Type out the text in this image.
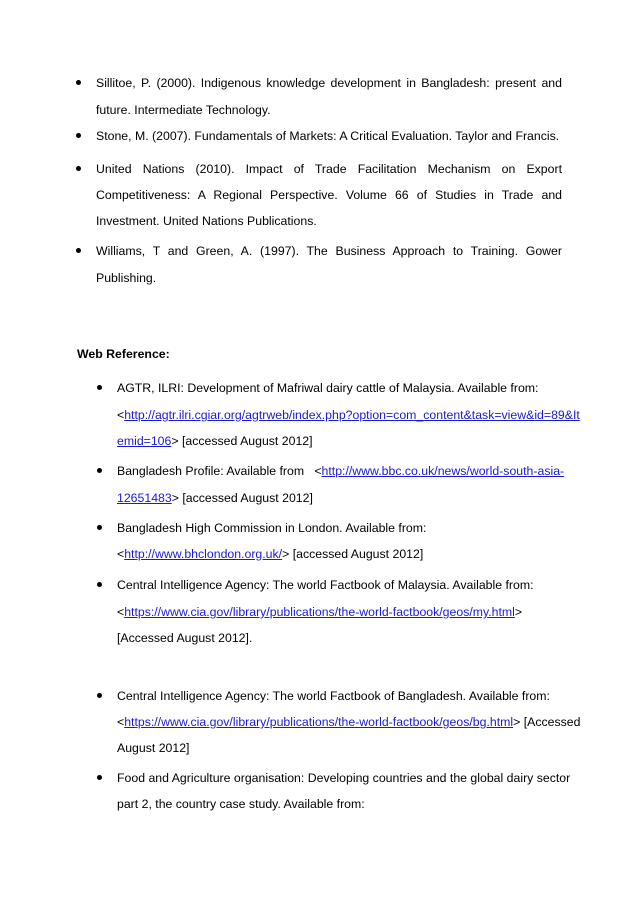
Sillitoe, P. (2000). Indigenous knowledge development in Bangladesh: present and
future. Intermediate Technology.
Stone, M. (2007). Fundamentals of Markets: A Critical Evaluation. Taylor and Francis.
United Nations (2010). Impact of Trade Facilitation Mechanism on Export
Competitiveness: A Regional Perspective. Volume 66 of Studies in Trade and
Investment. United Nations Publications.
Williams, T and Green, A. (1997). The Business Approach to Training. Gower
Publishing.
Web Reference:
AGTR, ILRI: Development of Mafriwal dairy cattle of Malaysia. Available from:
<http://agtr.ilri.cgiar.org/agtrweb/index.php?option=com_content&task=view&id=89&It
emid=106> [accessed August 2012]
Bangladesh Profile: Available from   <http://www.bbc.co.uk/news/world-south-asia-
12651483> [accessed August 2012]
Bangladesh High Commission in London. Available from:
<http://www.bhclondon.org.uk/> [accessed August 2012]
Central Intelligence Agency: The world Factbook of Malaysia. Available from:
<https://www.cia.gov/library/publications/the-world-factbook/geos/my.html>
[Accessed August 2012].
Central Intelligence Agency: The world Factbook of Bangladesh. Available from:
<https://www.cia.gov/library/publications/the-world-factbook/geos/bg.html> [Accessed
August 2012]
Food and Agriculture organisation: Developing countries and the global dairy sector
part 2, the country case study. Available from:
